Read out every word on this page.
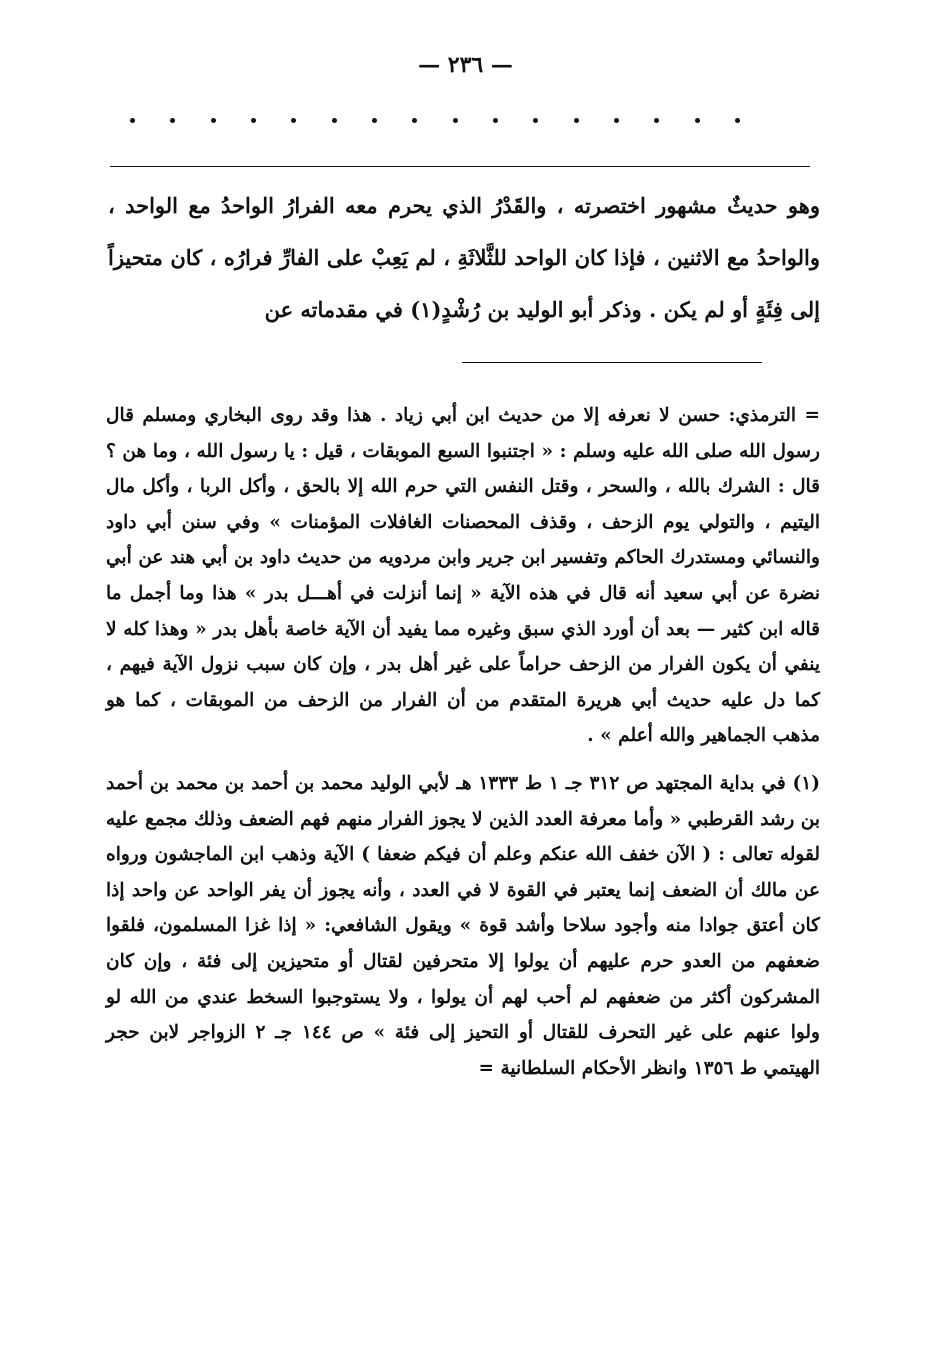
— ٢٣٦ —
وهو حديثٌ مشهور اختصرته ، والقَدْرُ الذي يحرم معه الفرارُ الواحدُ مع الواحد ، والواحدُ مع الاثنين ، فإذا كان الواحد للثَّلاثَةِ ، لم يَعِبْ على الفارِّ فرارُه ، كان متحيزاً إلى فِئَةٍ أو لم يكن . وذكر أبو الوليد بن رُشْدٍ(١) في مقدماته عن

= الترمذي: حسن لا نعرفه إلا من حديث ابن أبي زياد . هذا وقد روى البخاري ومسلم قال رسول الله صلى الله عليه وسلم : « اجتنبوا السبع الموبقات ، قيل : يا رسول الله ، وما هن ؟ قال : الشرك بالله ، والسحر ، وقتل النفس التي حرم الله إلا بالحق ، وأكل الربا ، وأكل مال اليتيم ، والتولي يوم الزحف ، وقذف المحصنات الغافلات المؤمنات » وفي سنن أبي داود والنسائي ومستدرك الحاكم وتفسير ابن جرير وابن مردويه من حديث داود بن أبي هند عن أبي نضرة عن أبي سعيد أنه قال في هذه الآية « إنما أنزلت في أهـــل بدر » هذا وما أجمل ما قاله ابن كثير — بعد أن أورد الذي سبق وغيره مما يفيد أن الآية خاصة بأهل بدر « وهذا كله لا ينفي أن يكون الفرار من الزحف حراماً على غير أهل بدر ، وإن كان سبب نزول الآية فيهم ، كما دل عليه حديث أبي هريرة المتقدم من أن الفرار من الزحف من الموبقات ، كما هو مذهب الجماهير والله أعلم » .

(١) في بداية المجتهد ص ٣١٢ جـ ١ ط ١٣٣٣ هـ لأبي الوليد محمد بن أحمد بن محمد بن أحمد بن رشد القرطبي « وأما معرفة العدد الذين لا يجوز الفرار منهم فهم الضعف وذلك مجمع عليه لقوله تعالى : ( الآن خفف الله عنكم وعلم أن فيكم ضعفا ) الآية وذهب ابن الماجشون ورواه عن مالك أن الضعف إنما يعتبر في القوة لا في العدد ، وأنه يجوز أن يفر الواحد عن واحد إذا كان أعتق جوادا منه وأجود سلاحا وأشد قوة » ويقول الشافعي: « إذا غزا المسلمون، فلقوا ضعفهم من العدو حرم عليهم أن يولوا إلا متحرفين لقتال أو متحيزين إلى فئة ، وإن كان المشركون أكثر من ضعفهم لم أحب لهم أن يولوا ، ولا يستوجبوا السخط عندي من الله لو ولوا عنهم على غير التحرف للقتال أو التحيز إلى فئة » ص ١٤٤ جـ ٢ الزواجر لابن حجر الهيتمي ط ١٣٥٦ وانظر الأحكام السلطانية =
